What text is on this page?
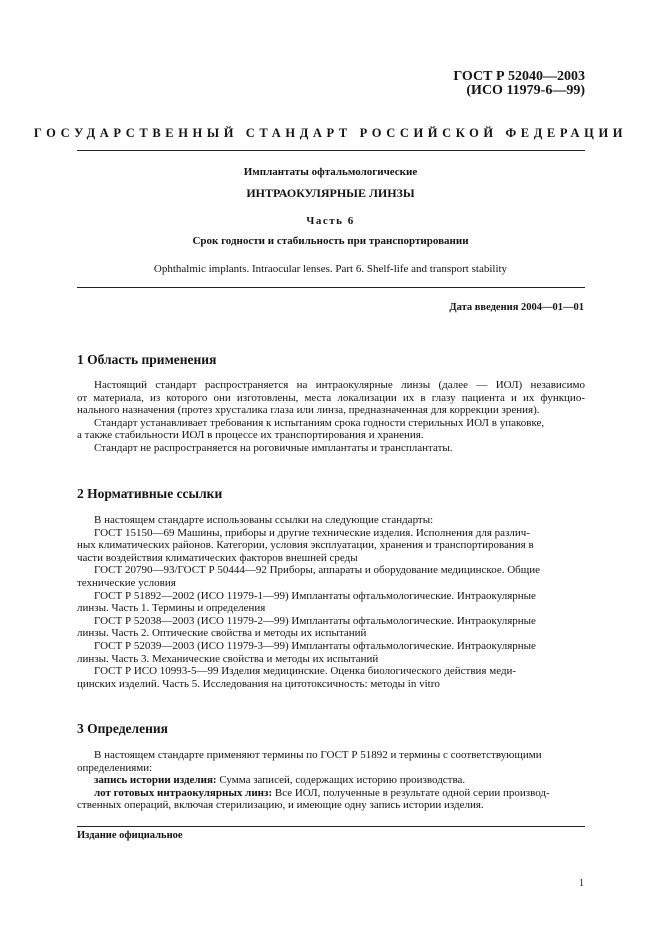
ГОСТ Р 52040—2003
(ИСО 11979-6—99)
ГОСУДАРСТВЕННЫЙ СТАНДАРТ РОССИЙСКОЙ ФЕДЕРАЦИИ
Имплантаты офтальмологические
ИНТРАОКУЛЯРНЫЕ ЛИНЗЫ
Часть 6
Срок годности и стабильность при транспортировании
Ophthalmic implants. Intraocular lenses. Part 6. Shelf-life and transport stability
Дата введения 2004—01—01
1 Область применения
Настоящий стандарт распространяется на интраокулярные линзы (далее — ИОЛ) независимо
от материала, из которого они изготовлены, места локализации их в глазу пациента и их функцио-
нального назначения (протез хрусталика глаза или линза, предназначенная для коррекции зрения).
Стандарт устанавливает требования к испытаниям срока годности стерильных ИОЛ в упаковке,
а также стабильности ИОЛ в процессе их транспортирования и хранения.
Стандарт не распространяется на роговичные имплантаты и трансплантаты.
2 Нормативные ссылки
В настоящем стандарте использованы ссылки на следующие стандарты:
ГОСТ 15150—69 Машины, приборы и другие технические изделия. Исполнения для различ-
ных климатических районов. Категории, условия эксплуатации, хранения и транспортирования в
части воздействия климатических факторов внешней среды
ГОСТ 20790—93/ГОСТ Р 50444—92 Приборы, аппараты и оборудование медицинское. Общие
технические условия
ГОСТ Р 51892—2002 (ИСО 11979-1—99) Имплантаты офтальмологические. Интраокулярные
линзы. Часть 1. Термины и определения
ГОСТ Р 52038—2003 (ИСО 11979-2—99) Имплантаты офтальмологические. Интраокулярные
линзы. Часть 2. Оптические свойства и методы их испытаний
ГОСТ Р 52039—2003 (ИСО 11979-3—99) Имплантаты офтальмологические. Интраокулярные
линзы. Часть 3. Механические свойства и методы их испытаний
ГОСТ Р ИСО 10993-5—99 Изделия медицинские. Оценка биологического действия меди-
цинских изделий. Часть 5. Исследования на цитотоксичность: методы in vitro
3 Определения
В настоящем стандарте применяют термины по ГОСТ Р 51892 и термины с соответствующими
определениями:
запись истории изделия: Сумма записей, содержащих историю производства.
лот готовых интраокулярных линз: Все ИОЛ, полученные в результате одной серии производ-
ственных операций, включая стерилизацию, и имеющие одну запись истории изделия.
Издание официальное
1
